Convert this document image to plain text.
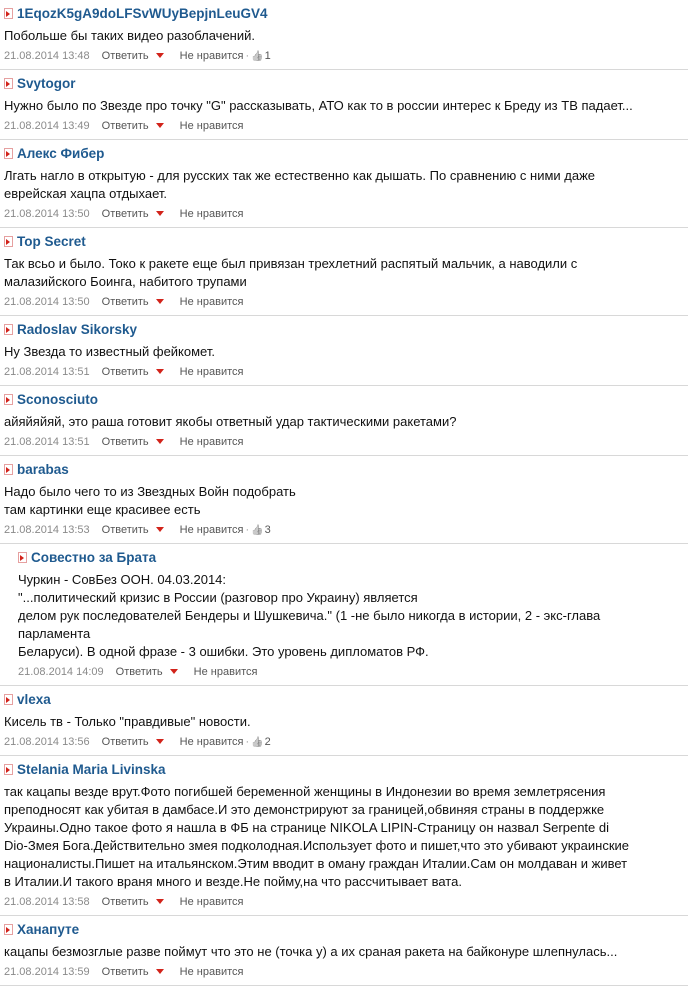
1EqozK5gA9doLFSvWUyBepjnLeuGV4
Побольше бы таких видео разоблачений.
21.08.2014 13:48 Ответить	Не нравится · 👍1
Svytogor
Нужно было по Звезде про точку "G" рассказывать, АТО как то в россии интерес к Бреду из ТВ падает...
21.08.2014 13:49 Ответить	Не нравится
Алекс Фибер
Лгать нагло в открытую - для русских так же естественно как дышать. По сравнению с ними даже
еврейская хацпа отдыхает.
21.08.2014 13:50 Ответить	Не нравится
Top Secret
Так всьо и было. Токо к ракете еще был привязан трехлетний распятый мальчик, а наводили с
малазийского Боинга, набитого трупами
21.08.2014 13:50 Ответить	Не нравится
Radoslav Sikorsky
Ну Звезда то известный фейкомет.
21.08.2014 13:51 Ответить	Не нравится
Sconosciuto
айяйяйяй, это раша готовит якобы ответный удар тактическими ракетами?
21.08.2014 13:51 Ответить	Не нравится
barabas
Надо было чего то из Звездных Войн подобрать
там картинки еще красивее есть
21.08.2014 13:53 Ответить	Не нравится · 👍3
Совестно за Брата
Чуркин - СовБез ООН. 04.03.2014:
"...политический кризис в России (разговор про Украину) является
делом рук последователей Бендеры и Шушкевича." (1 -не было никогда в истории, 2 - экс-глава
парламента
Беларуси). В одной фразе - 3 ошибки. Это уровень дипломатов РФ.
21.08.2014 14:09 Ответить	Не нравится
vlexa
Кисель тв - Только "правдивые" новости.
21.08.2014 13:56 Ответить	Не нравится · 👍2
Stelania Maria Livinska
так кацапы везде врут.Фото погибшей беременной женщины в Индонезии во время землетрясения
преподносят как убитая в дамбасе.И это демонстрируют за границей,обвиняя страны в поддержке
Украины.Одно такое фото я нашла в ФБ на странице NIKOLA LIPIN-Страницу он назвал Serpente di
Dio-Змея Бога.Действительно змея подколодная.Использует фото и пишет,что это убивают украинские
националисты.Пишет на итальянском.Этим вводит в оману граждан Италии.Сам он молдаван и живет
в Италии.И такого враня много и везде.Не пойму,на что рассчитывает вата.
21.08.2014 13:58 Ответить	Не нравится
Ханапуте
кацапы безмозглые разве поймут что это не (точка у) а их сраная ракета на байконуре шлепнулась...
21.08.2014 13:59 Ответить	Не нравится
